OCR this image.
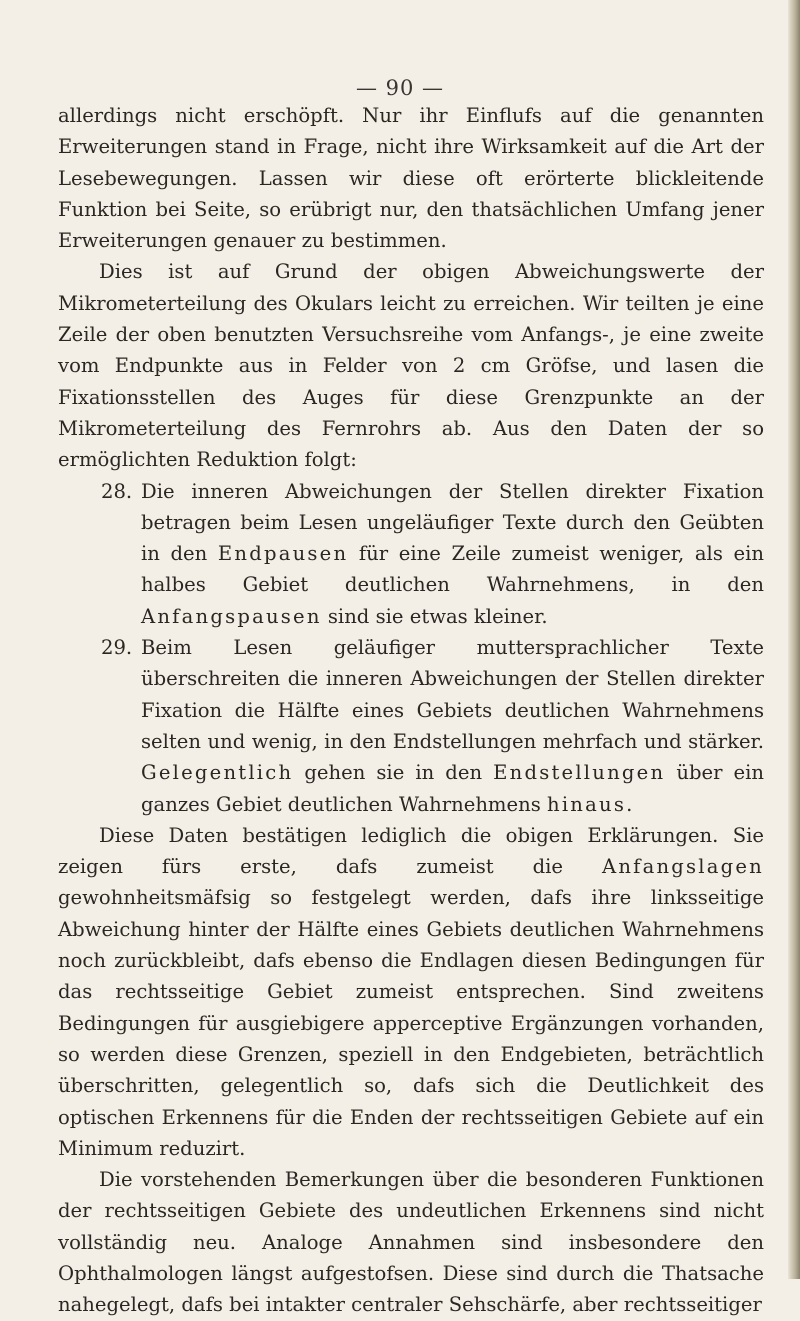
— 90 —

allerdings nicht erschöpft. Nur ihr Einflufs auf die genannten Erweiterungen stand in Frage, nicht ihre Wirksamkeit auf die Art der Lesebewegungen. Lassen wir diese oft erörterte blickleitende Funktion bei Seite, so erübrigt nur, den thatsächlichen Umfang jener Erweiterungen genauer zu bestimmen.

Dies ist auf Grund der obigen Abweichungswerte der Mikrometerteilung des Okulars leicht zu erreichen. Wir teilten je eine Zeile der oben benutzten Versuchsreihe vom Anfangs-, je eine zweite vom Endpunkte aus in Felder von 2 cm Gröfse, und lasen die Fixationsstellen des Auges für diese Grenzpunkte an der Mikrometerteilung des Fernrohrs ab. Aus den Daten der so ermöglichten Reduktion folgt:

28. Die inneren Abweichungen der Stellen direkter Fixation betragen beim Lesen ungeläufiger Texte durch den Geübten in den Endpausen für eine Zeile zumeist weniger, als ein halbes Gebiet deutlichen Wahrnehmens, in den Anfangspausen sind sie etwas kleiner.
29. Beim Lesen geläufiger muttersprachlicher Texte überschreiten die inneren Abweichungen der Stellen direkter Fixation die Hälfte eines Gebiets deutlichen Wahrnehmens selten und wenig, in den Endstellungen mehrfach und stärker. Gelegentlich gehen sie in den Endstellungen über ein ganzes Gebiet deutlichen Wahrnehmens hinaus.

Diese Daten bestätigen lediglich die obigen Erklärungen. Sie zeigen fürs erste, dafs zumeist die Anfangslagen gewohnheitsmäfsig so festgelegt werden, dafs ihre linksseitige Abweichung hinter der Hälfte eines Gebiets deutlichen Wahrnehmens noch zurückbleibt, dafs ebenso die Endlagen diesen Bedingungen für das rechtsseitige Gebiet zumeist entsprechen. Sind zweitens Bedingungen für ausgiebigere apperceptive Ergänzungen vorhanden, so werden diese Grenzen, speziell in den Endgebieten, beträchtlich überschritten, gelegentlich so, dafs sich die Deutlichkeit des optischen Erkennens für die Enden der rechtsseitigen Gebiete auf ein Minimum reduzirt.

Die vorstehenden Bemerkungen über die besonderen Funktionen der rechtsseitigen Gebiete des undeutlichen Erkennens sind nicht vollständig neu. Analoge Annahmen sind insbesondere den Ophthalmologen längst aufgestofsen. Diese sind durch die Thatsache nahegelegt, dafs bei intakter centraler Sehschärfe, aber rechtsseitiger
